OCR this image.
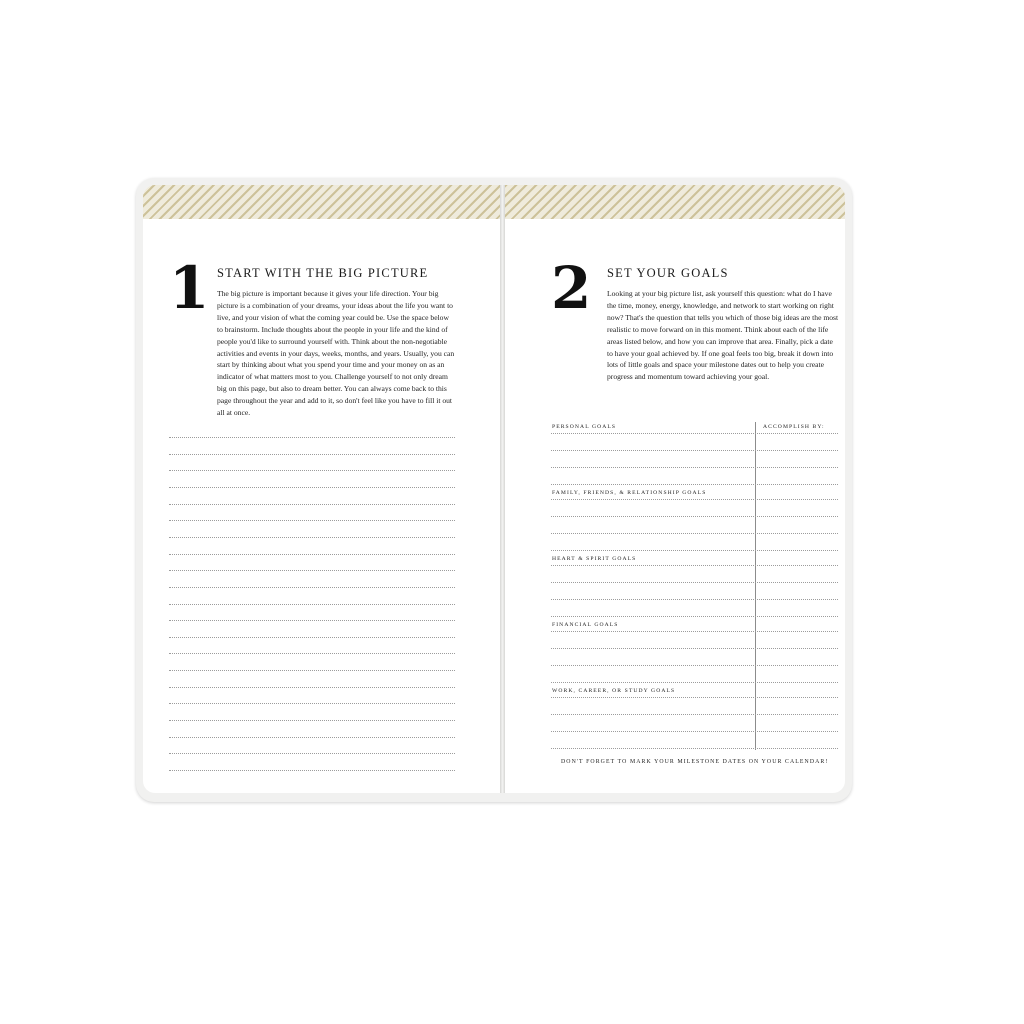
1 START WITH THE BIG PICTURE
The big picture is important because it gives your life direction. Your big picture is a combination of your dreams, your ideas about the life you want to live, and your vision of what the coming year could be. Use the space below to brainstorm. Include thoughts about the people in your life and the kind of people you'd like to surround yourself with. Think about the non-negotiable activities and events in your days, weeks, months, and years. Usually, you can start by thinking about what you spend your time and your money on as an indicator of what matters most to you. Challenge yourself to not only dream big on this page, but also to dream better. You can always come back to this page throughout the year and add to it, so don't feel like you have to fill it out all at once.
2 SET YOUR GOALS
Looking at your big picture list, ask yourself this question: what do I have the time, money, energy, knowledge, and network to start working on right now? That's the question that tells you which of those big ideas are the most realistic to move forward on in this moment. Think about each of the life areas listed below, and how you can improve that area. Finally, pick a date to have your goal achieved by. If one goal feels too big, break it down into lots of little goals and space your milestone dates out to help you create progress and momentum toward achieving your goal.
ACCOMPLISH BY:
PERSONAL GOALS
FAMILY, FRIENDS, & RELATIONSHIP GOALS
HEART & SPIRIT GOALS
FINANCIAL GOALS
WORK, CAREER, OR STUDY GOALS
DON'T FORGET TO MARK YOUR MILESTONE DATES ON YOUR CALENDAR!
